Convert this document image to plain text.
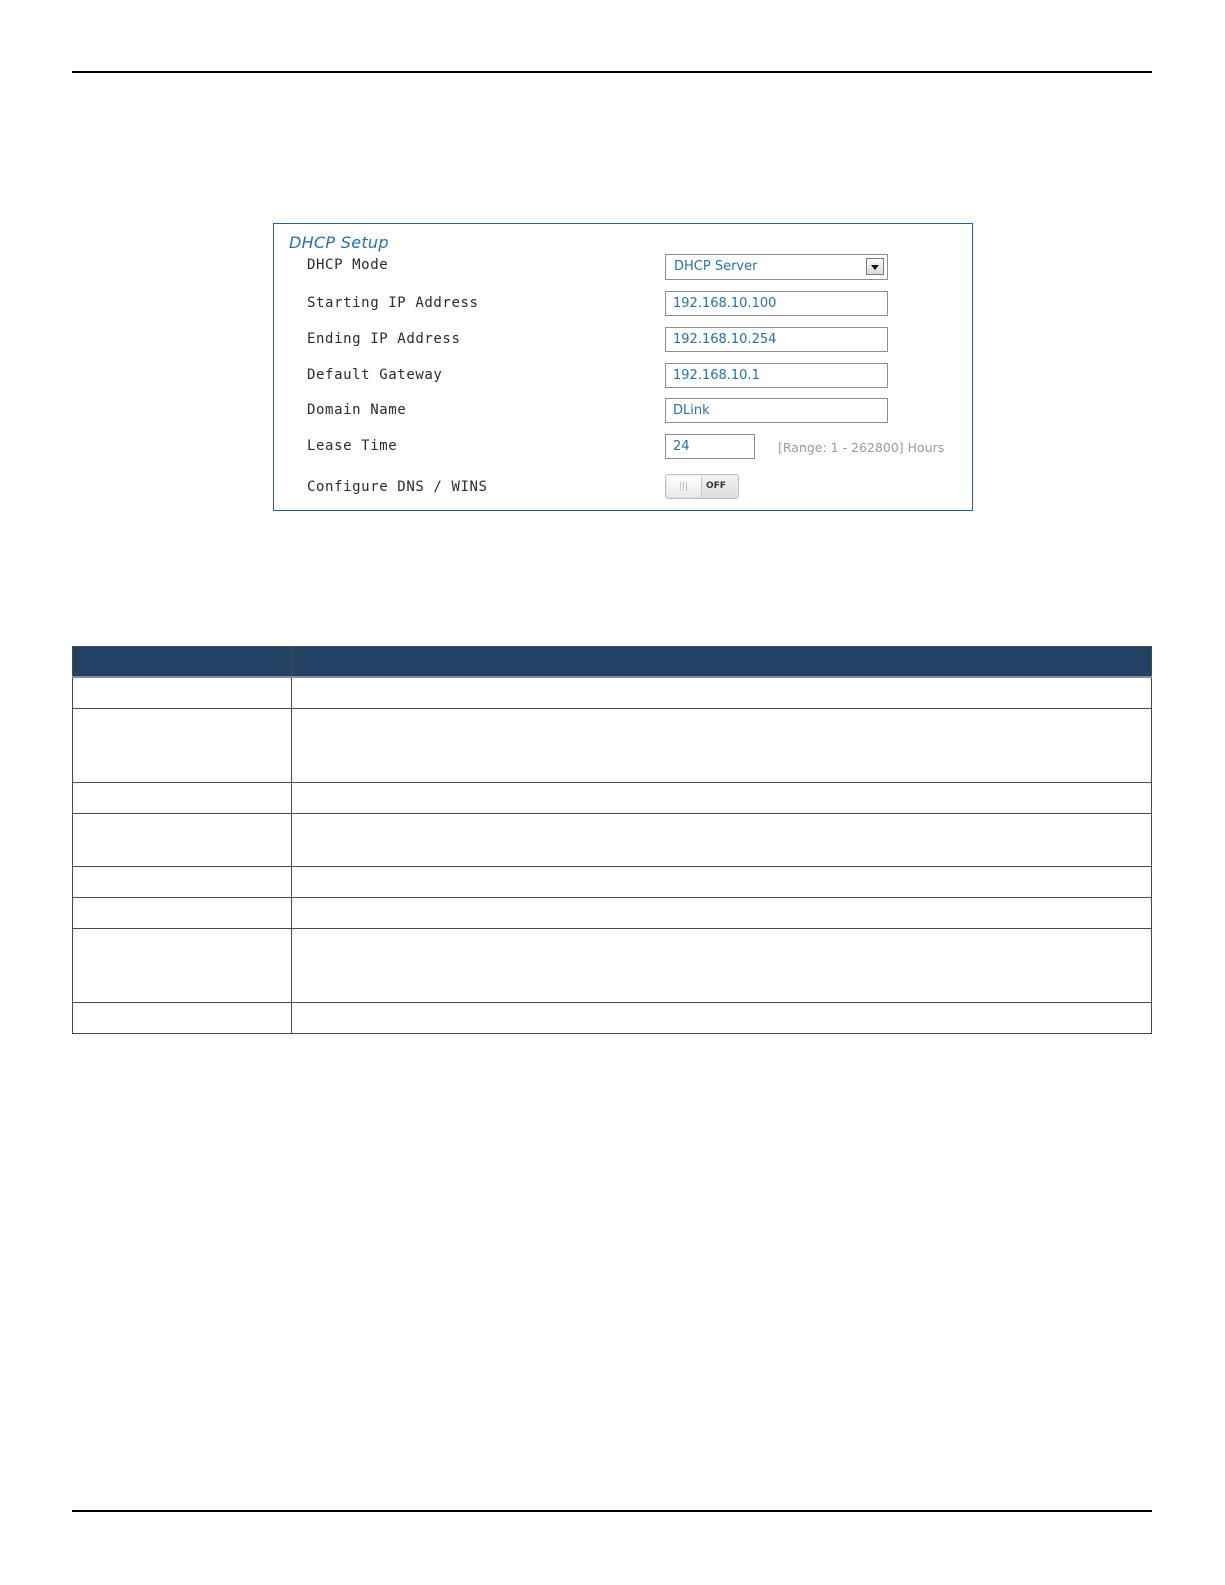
DHCP Setup
DHCP Mode	DHCP Server
Starting IP Address	192.168.10.100
Ending IP Address	192.168.10.254
Default Gateway	192.168.10.1
Domain Name	DLink
Lease Time	24	[Range: 1 - 262800] Hours
Configure DNS / WINS	OFF
